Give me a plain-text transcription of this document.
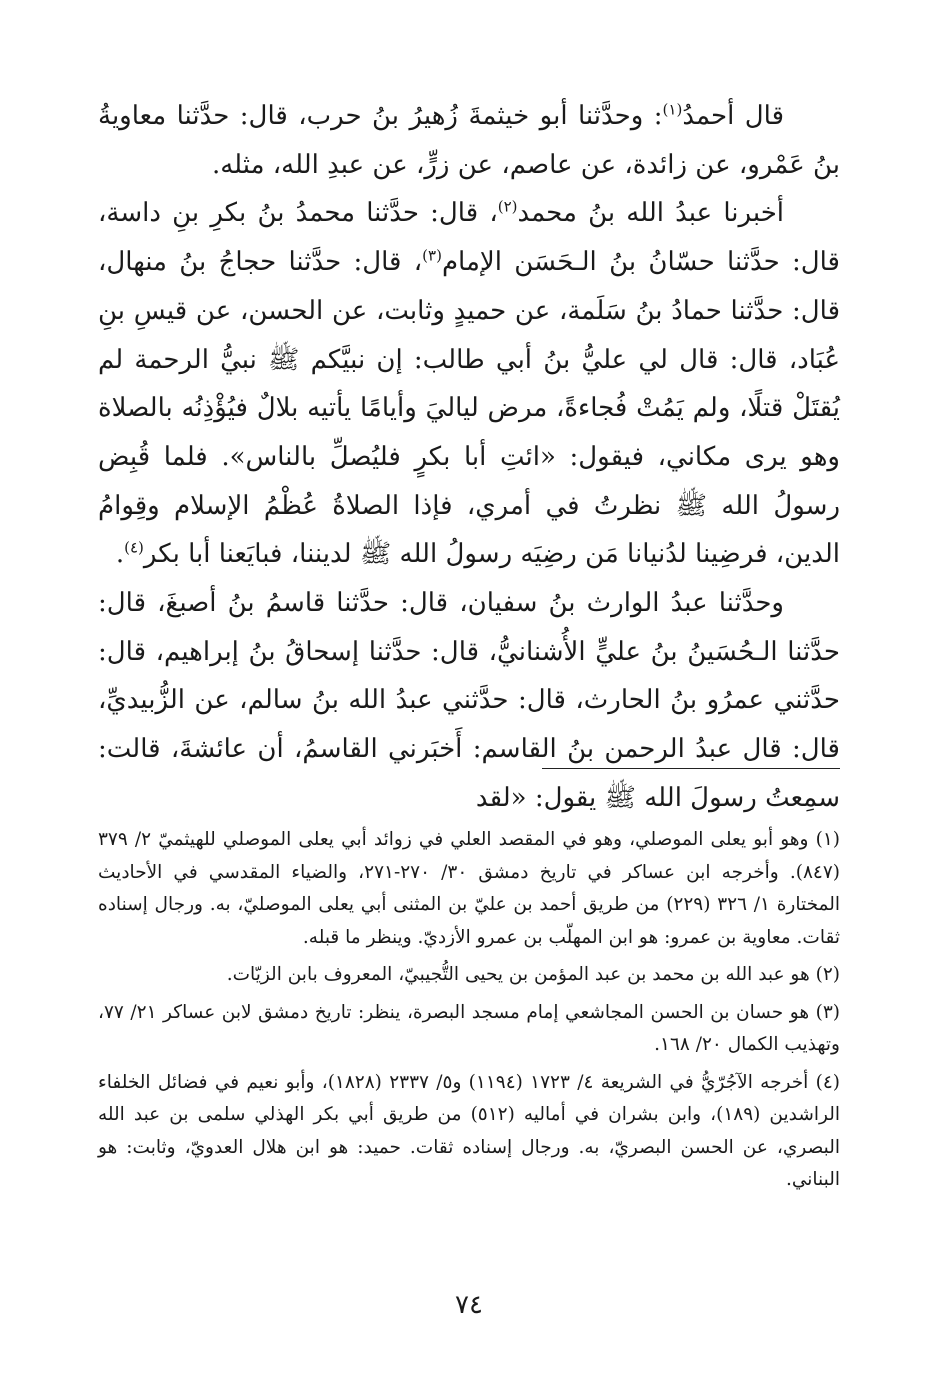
قال أحمدُ$^{(١)}$: وحدَّثنا أبو خيثمةَ زُهيرُ بنُ حرب، قال: حدَّثنا معاويةُ بنُ عَمْرو، عن زائدة، عن عاصم، عن زرٍّ، عن عبدِ الله، مثله.

أخبرنا عبدُ الله بنُ محمد$^{(٢)}$، قال: حدَّثنا محمدُ بنُ بكرِ بنِ داسة، قال: حدَّثنا حسّانُ بنُ الـحَسَن الإمام$^{(٣)}$، قال: حدَّثنا حجاجُ بنُ منهال، قال: حدَّثنا حمادُ بنُ سَلَمة، عن حميدٍ وثابت، عن الحسن، عن قيسِ بنِ عُبَاد، قال: قال لي عليُّ بنُ أبي طالب: إن نبيَّكم ﷺ نبيُّ الرحمة لم يُقتَلْ قتلًا، ولم يَمُتْ فُجاءةً، مرض لياليَ وأيامًا يأتيه بلالٌ فيُؤْذِنُه بالصلاة وهو يرى مكاني، فيقول: «ائتِ أبا بكرٍ فليُصلِّ بالناس». فلما قُبِض رسولُ الله ﷺ نظرتُ في أمري، فإذا الصلاةُ عُظْمُ الإسلام وقِوامُ الدين، فرضِينا لدُنيانا مَن رضِيَه رسولُ الله ﷺ لديننا، فبايَعنا أبا بكر$^{(٤)}$.

وحدَّثنا عبدُ الوارث بنُ سفيان، قال: حدَّثنا قاسمُ بنُ أصبغَ، قال: حدَّثنا الـحُسَينُ بنُ عليٍّ الأُشنانيُّ، قال: حدَّثنا إسحاقُ بنُ إبراهيم، قال: حدَّثني عمرُو بنُ الحارث، قال: حدَّثني عبدُ الله بنُ سالم، عن الزُّبيديِّ، قال: قال عبدُ الرحمن بنُ القاسم: أَخبَرني القاسمُ، أن عائشةَ، قالت: سمِعتُ رسولَ الله ﷺ يقول: «لقد

(١) وهو أبو يعلى الموصلي، وهو في المقصد العلي في زوائد أبي يعلى الموصلي للهيثميّ ٢/ ٣٧٩ (٨٤٧). وأخرجه ابن عساكر في تاريخ دمشق ٣٠/ ٢٧٠-٢٧١، والضياء المقدسي في الأحاديث المختارة ١/ ٣٢٦ (٢٢٩) من طريق أحمد بن عليّ بن المثنى أبي يعلى الموصليّ، به. ورجال إسناده ثقات. معاوية بن عمرو: هو ابن المهلّب بن عمرو الأزديّ. وينظر ما قبله.

(٢) هو عبد الله بن محمد بن عبد المؤمن بن يحيى التُّجيبيّ، المعروف بابن الزيّات.

(٣) هو حسان بن الحسن المجاشعي إمام مسجد البصرة، ينظر: تاريخ دمشق لابن عساكر ٢١/ ٧٧، وتهذيب الكمال ٢٠/ ١٦٨.

(٤) أخرجه الآجُرّيُّ في الشريعة ٤/ ١٧٢٣ (١١٩٤) و٥/ ٢٣٣٧ (١٨٢٨)، وأبو نعيم في فضائل الخلفاء الراشدين (١٨٩)، وابن بشران في أماليه (٥١٢) من طريق أبي بكر الهذلي سلمى بن عبد الله البصري، عن الحسن البصريّ، به. ورجال إسناده ثقات. حميد: هو ابن هلال العدويّ، وثابت: هو البناني.

٧٤
